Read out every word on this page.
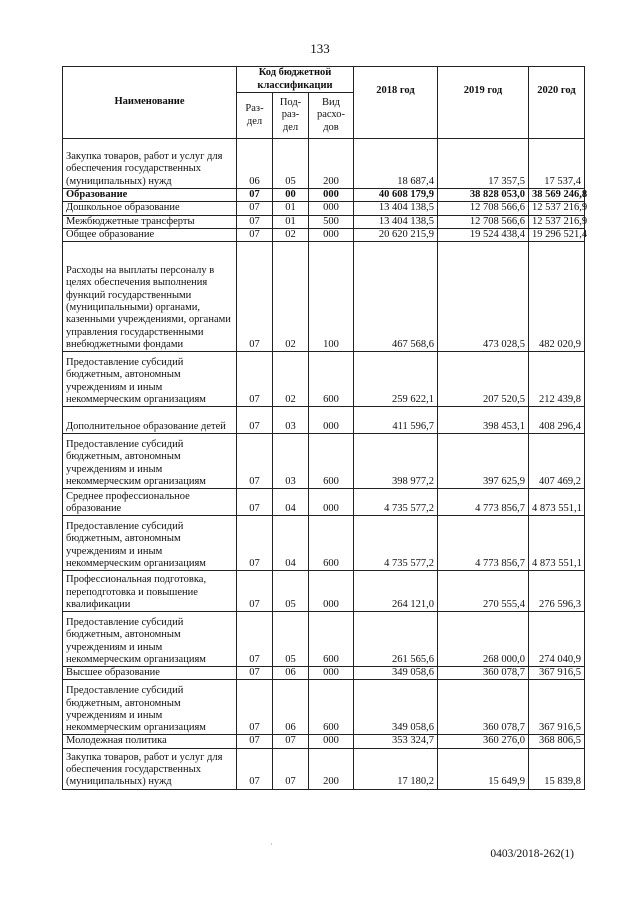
133
Наименование	Код бюджетной классификации			2018 год	2019 год	2020 год
	Раз-дел	Под-раз-дел	Вид расхо-дов			
Закупка товаров, работ и услуг для обеспечения государственных (муниципальных) нужд	06	05	200	18 687,4	17 357,5	17 537,4
Образование	07	00	000	40 608 179,9	38 828 053,0	38 569 246,8
Дошкольное образование	07	01	000	13 404 138,5	12 708 566,6	12 537 216,9
Межбюджетные трансферты	07	01	500	13 404 138,5	12 708 566,6	12 537 216,9
Общее образование	07	02	000	20 620 215,9	19 524 438,4	19 296 521,4
Расходы на выплаты персоналу в целях обеспечения выполнения функций государственными (муниципальными) органами, казенными учреждениями, органами управления государственными внебюджетными фондами	07	02	100	467 568,6	473 028,5	482 020,9
Предоставление субсидий бюджетным, автономным учреждениям и иным некоммерческим организациям	07	02	600	259 622,1	207 520,5	212 439,8
Дополнительное образование детей	07	03	000	411 596,7	398 453,1	408 296,4
Предоставление субсидий бюджетным, автономным учреждениям и иным некоммерческим организациям	07	03	600	398 977,2	397 625,9	407 469,2
Среднее профессиональное образование	07	04	000	4 735 577,2	4 773 856,7	4 873 551,1
Предоставление субсидий бюджетным, автономным учреждениям и иным некоммерческим организациям	07	04	600	4 735 577,2	4 773 856,7	4 873 551,1
Профессиональная подготовка, переподготовка и повышение квалификации	07	05	000	264 121,0	270 555,4	276 596,3
Предоставление субсидий бюджетным, автономным учреждениям и иным некоммерческим организациям	07	05	600	261 565,6	268 000,0	274 040,9
Высшее образование	07	06	000	349 058,6	360 078,7	367 916,5
Предоставление субсидий бюджетным, автономным учреждениям и иным некоммерческим организациям	07	06	600	349 058,6	360 078,7	367 916,5
Молодежная политика	07	07	000	353 324,7	360 276,0	368 806,5
Закупка товаров, работ и услуг для обеспечения государственных (муниципальных) нужд	07	07	200	17 180,2	15 649,9	15 839,8
·
0403/2018-262(1)
